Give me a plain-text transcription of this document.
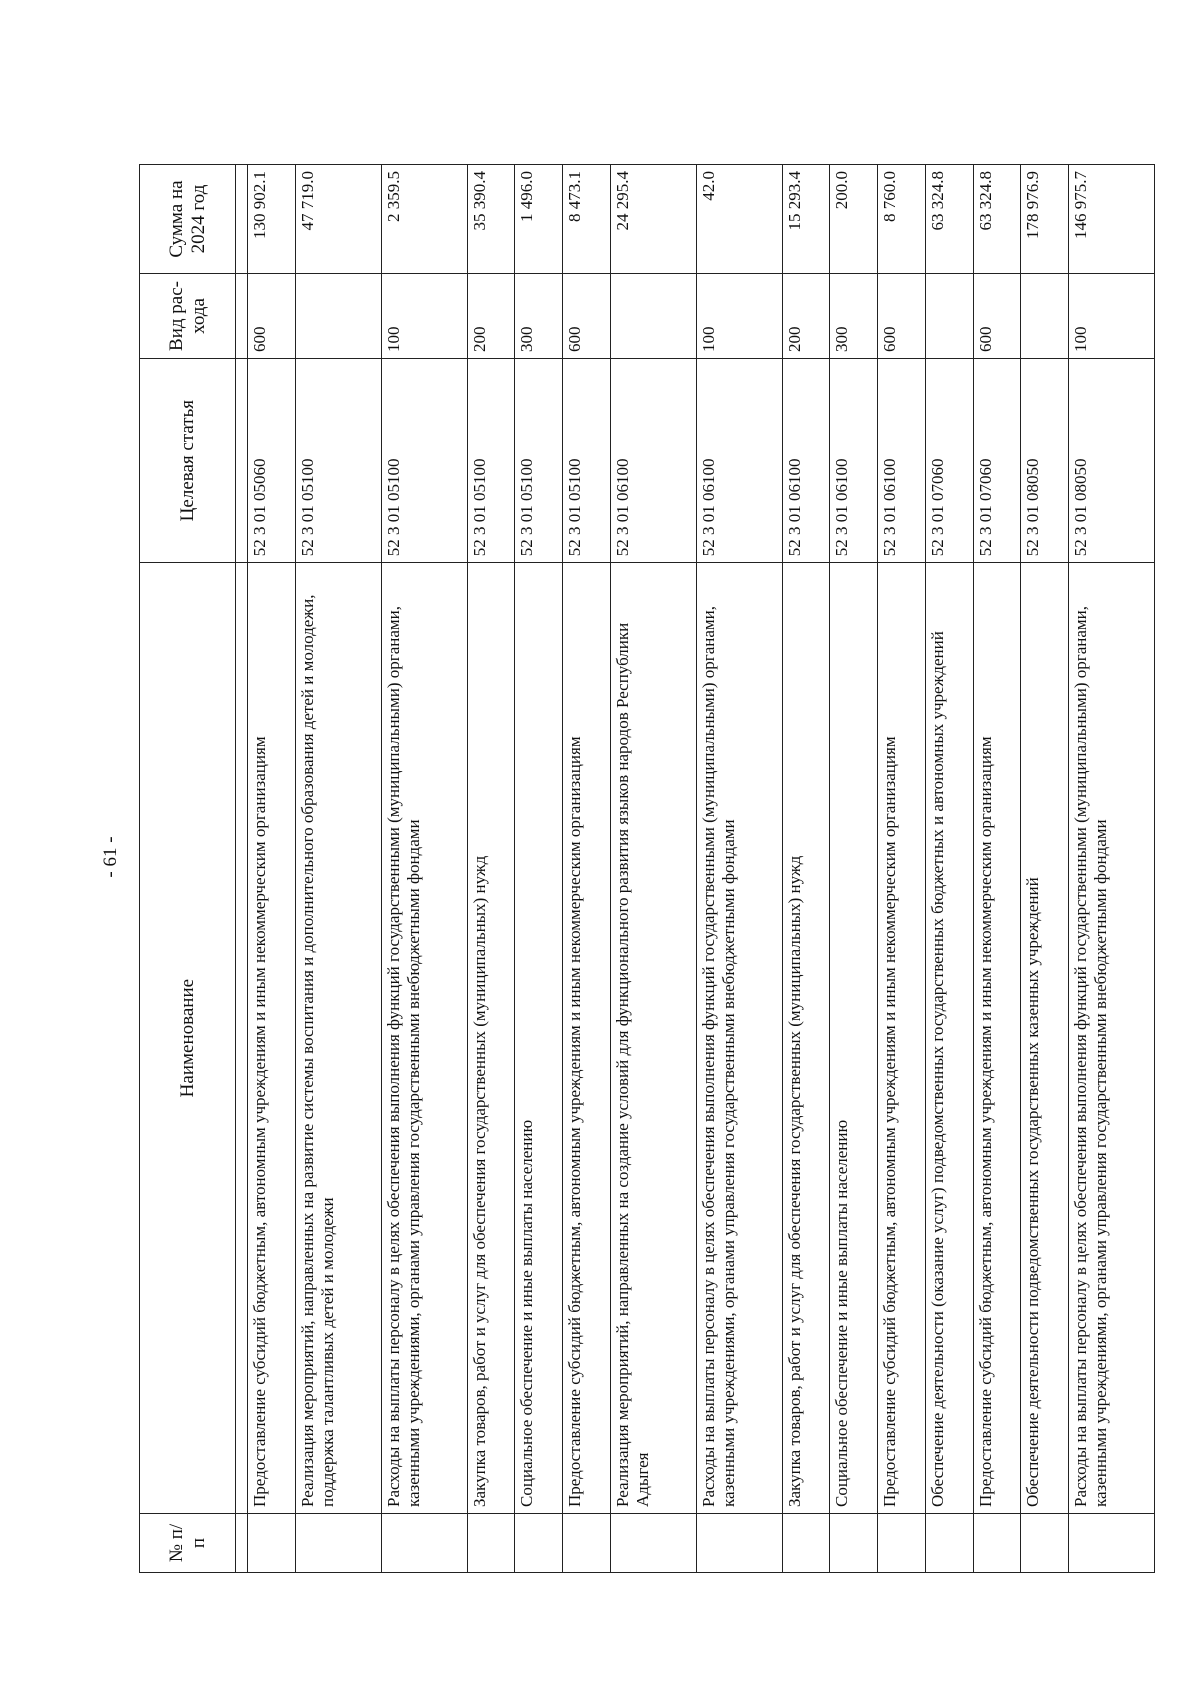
- 61 -
№ п/п	Наименование	Целевая статья	Вид рас-хода	Сумма на 2024 год

	Предоставление субсидий бюджетным, автономным учреждениям и иным некоммерческим организациям	52 3 01 05060	600	130 902.1
	Реализация мероприятий, направленных на развитие системы воспитания и дополнительного образования детей и молодежи, поддержка талантливых детей и молодежи	52 3 01 05100		47 719.0
	Расходы на выплаты персоналу в целях обеспечения выполнения функций государственными (муниципальными) органами, казенными учреждениями, органами управления государственными внебюджетными фондами	52 3 01 05100	100	2 359.5
	Закупка товаров, работ и услуг для обеспечения государственных (муниципальных) нужд	52 3 01 05100	200	35 390.4
	Социальное обеспечение и иные выплаты населению	52 3 01 05100	300	1 496.0
	Предоставление субсидий бюджетным, автономным учреждениям и иным некоммерческим организациям	52 3 01 05100	600	8 473.1
	Реализация мероприятий, направленных на создание условий для функционального развития языков народов Республики Адыгея	52 3 01 06100		24 295.4
	Расходы на выплаты персоналу в целях обеспечения выполнения функций государственными (муниципальными) органами, казенными учреждениями, органами управления государственными внебюджетными фондами	52 3 01 06100	100	42.0
	Закупка товаров, работ и услуг для обеспечения государственных (муниципальных) нужд	52 3 01 06100	200	15 293.4
	Социальное обеспечение и иные выплаты населению	52 3 01 06100	300	200.0
	Предоставление субсидий бюджетным, автономным учреждениям и иным некоммерческим организациям	52 3 01 06100	600	8 760.0
	Обеспечение деятельности (оказание услуг) подведомственных государственных бюджетных и автономных учреждений	52 3 01 07060		63 324.8
	Предоставление субсидий бюджетным, автономным учреждениям и иным некоммерческим организациям	52 3 01 07060	600	63 324.8
	Обеспечение деятельности подведомственных государственных казенных учреждений	52 3 01 08050		178 976.9
	Расходы на выплаты персоналу в целях обеспечения выполнения функций государственными (муниципальными) органами, казенными учреждениями, органами управления государственными внебюджетными фондами	52 3 01 08050	100	146 975.7
